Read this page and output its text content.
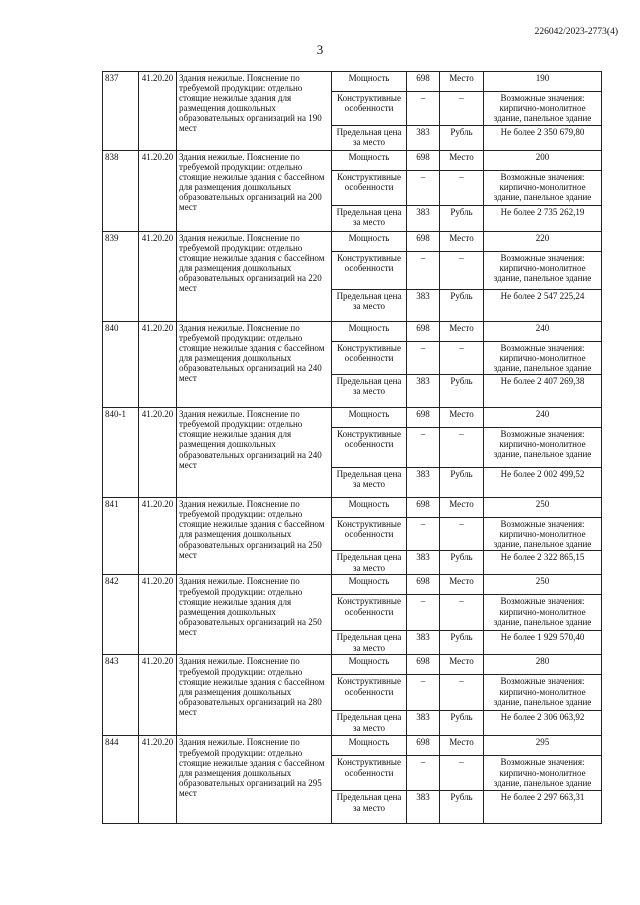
226042/2023-2773(4)
3
837	41.20.20	Здания нежилые. Пояснение по требуемой продукции: отдельно стоящие нежилые здания для размещения дошкольных образовательных организаций на 190 мест	Мощность	698	Место	190
			Конструктивные особенности	–	–	Возможные значения: кирпично-монолитное здание, панельное здание
			Предельная цена за место	383	Рубль	Не более 2 350 679,80
838	41.20.20	Здания нежилые. Пояснение по требуемой продукции: отдельно стоящие нежилые здания с бассейном для размещения дошкольных образовательных организаций на 200 мест	Мощность	698	Место	200
			Конструктивные особенности	–	–	Возможные значения: кирпично-монолитное здание, панельное здание
			Предельная цена за место	383	Рубль	Не более 2 735 262,19
839	41.20.20	Здания нежилые. Пояснение по требуемой продукции: отдельно стоящие нежилые здания с бассейном для размещения дошкольных образовательных организаций на 220 мест	Мощность	698	Место	220
			Конструктивные особенности	–	–	Возможные значения: кирпично-монолитное здание, панельное здание
			Предельная цена за место	383	Рубль	Не более 2 547 225,24
840	41.20.20	Здания нежилые. Пояснение по требуемой продукции: отдельно стоящие нежилые здания с бассейном для размещения дошкольных образовательных организаций на 240 мест	Мощность	698	Место	240
			Конструктивные особенности	–	–	Возможные значения: кирпично-монолитное здание, панельное здание
			Предельная цена за место	383	Рубль	Не более 2 407 269,38
840-1	41.20.20	Здания нежилые. Пояснение по требуемой продукции: отдельно стоящие нежилые здания для размещения дошкольных образовательных организаций на 240 мест	Мощность	698	Место	240
			Конструктивные особенности	–	–	Возможные значения: кирпично-монолитное здание, панельное здание
			Предельная цена за место	383	Рубль	Не более 2 002 499,52
841	41.20.20	Здания нежилые. Пояснение по требуемой продукции: отдельно стоящие нежилые здания с бассейном для размещения дошкольных образовательных организаций на 250 мест	Мощность	698	Место	250
			Конструктивные особенности	–	–	Возможные значения: кирпично-монолитное здание, панельное здание
			Предельная цена за место	383	Рубль	Не более 2 322 865,15
842	41.20.20	Здания нежилые. Пояснение по требуемой продукции: отдельно стоящие нежилые здания для размещения дошкольных образовательных организаций на 250 мест	Мощность	698	Место	250
			Конструктивные особенности	–	–	Возможные значения: кирпично-монолитное здание, панельное здание
			Предельная цена за место	383	Рубль	Не более 1 929 570,40
843	41.20.20	Здания нежилые. Пояснение по требуемой продукции: отдельно стоящие нежилые здания с бассейном для размещения дошкольных образовательных организаций на 280 мест	Мощность	698	Место	280
			Конструктивные особенности	–	–	Возможные значения: кирпично-монолитное здание, панельное здание
			Предельная цена за место	383	Рубль	Не более 2 306 063,92
844	41.20.20	Здания нежилые. Пояснение по требуемой продукции: отдельно стоящие нежилые здания с бассейном для размещения дошкольных образовательных организаций на 295 мест	Мощность	698	Место	295
			Конструктивные особенности	–	–	Возможные значения: кирпично-монолитное здание, панельное здание
			Предельная цена за место	383	Рубль	Не более 2 297 663,31
